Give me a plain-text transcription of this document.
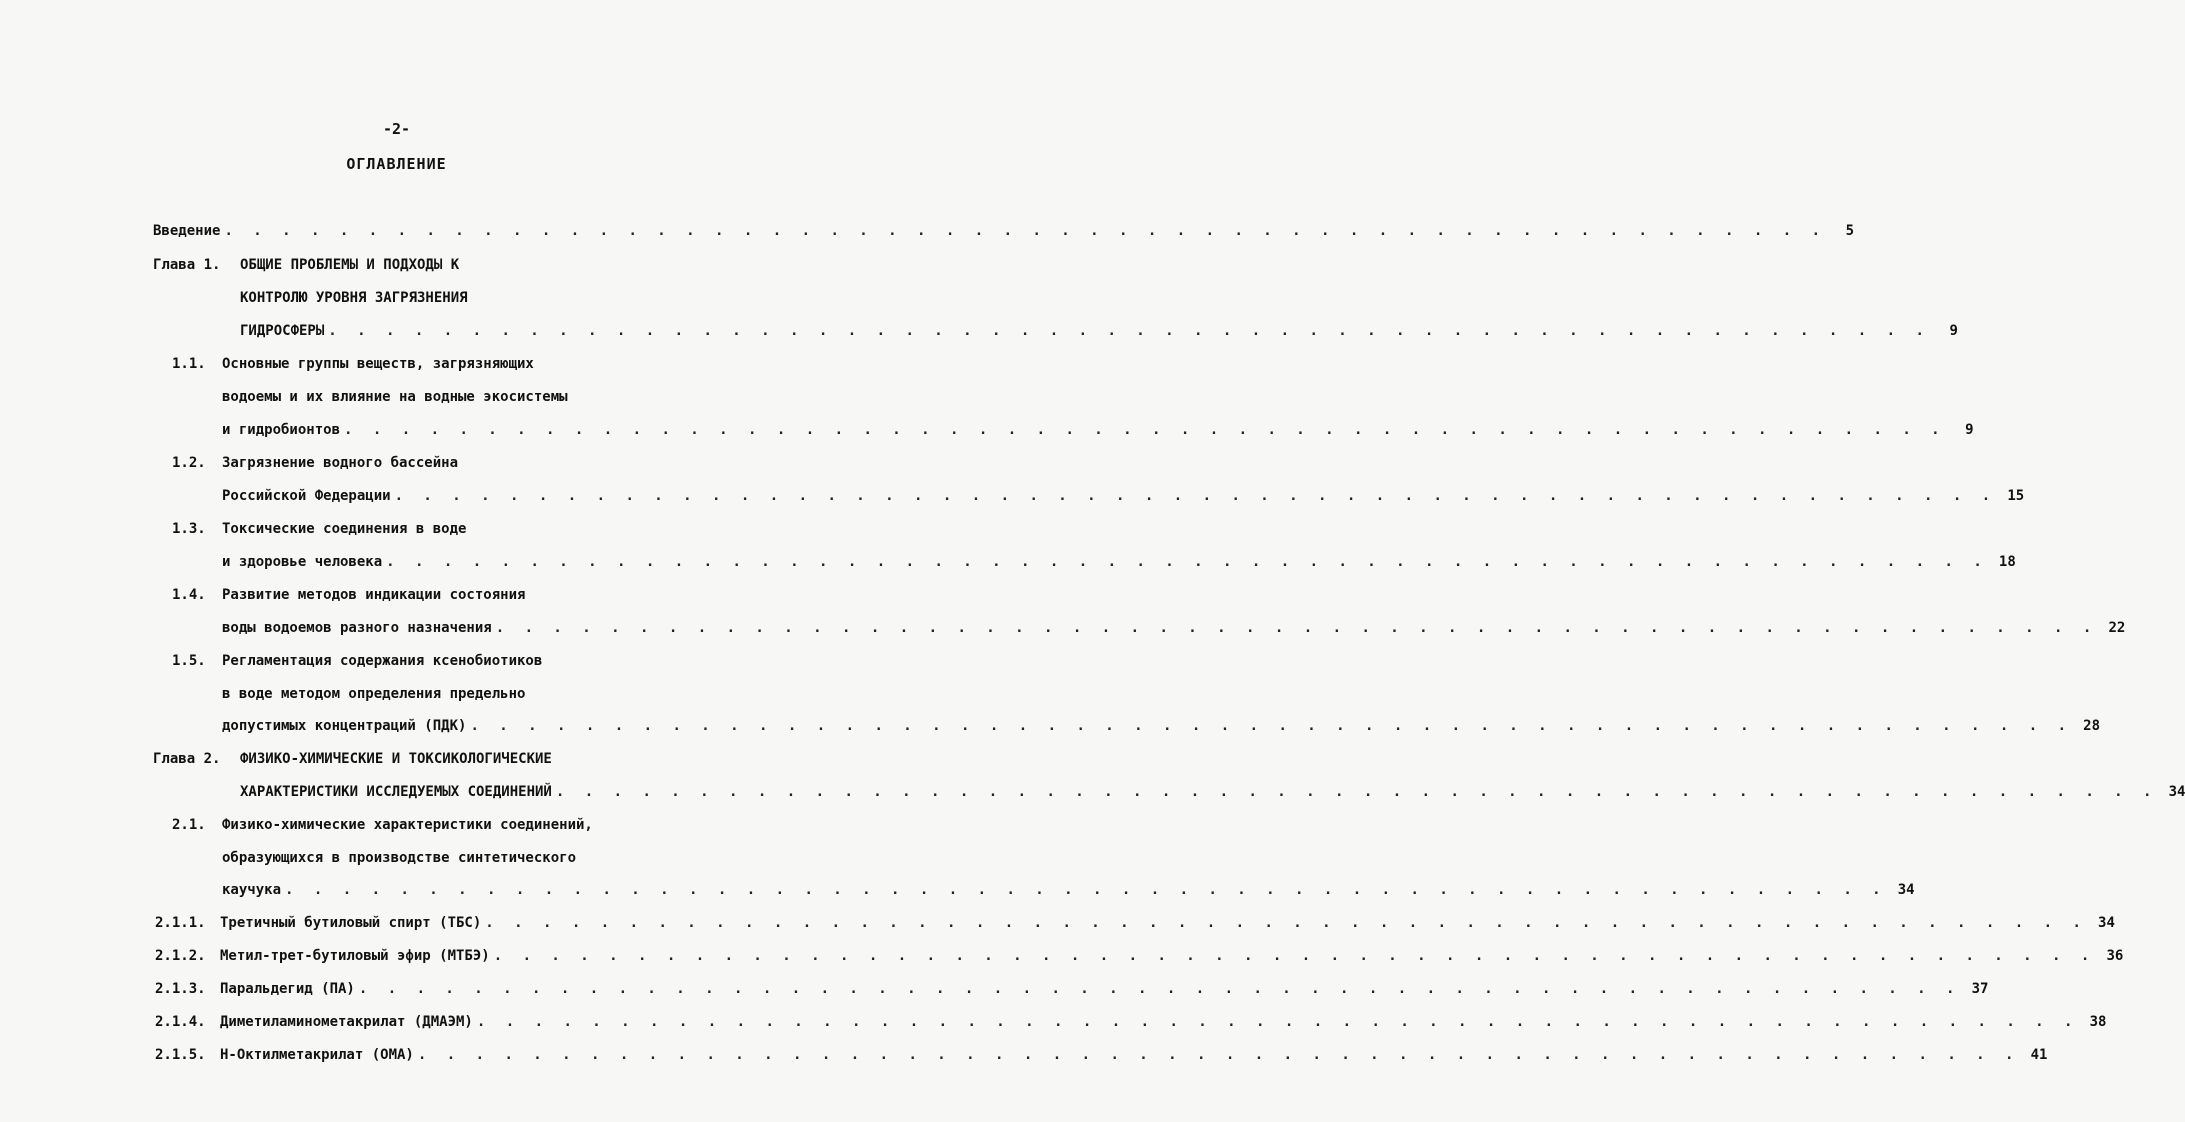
-2-
ОГЛАВЛЕНИЕ
Введение . . . . . . . . . . . . . . . . . . . . . . . . . . . . . . . . . . . . . . . . . . . . . . . . . . . . . . . .	5
Глава 1. ОБЩИЕ ПРОБЛЕМЫ И ПОДХОДЫ К
КОНТРОЛЮ УРОВНЯ ЗАГРЯЗНЕНИЯ
ГИДРОСФЕРЫ . . . . . . . . . . . . . . . . . . . . . . . . . . . . . . . . . . . . . . . . . . . . . . . . . . . . . . . .	9
1.1. Основные группы веществ, загрязняющих
водоемы и их влияние на водные экосистемы
и гидробионтов . . . . . . . . . . . . . . . . . . . . . . . . . . . . . . . . . . . . . . . . . . . . . . . . . . . . . . . .	9
1.2. Загрязнение водного бассейна
Российской Федерации . . . . . . . . . . . . . . . . . . . . . . . . . . . . . . . . . . . . . . . . . . . . . . . . . . . . . . . . 15
1.3. Токсические соединения в воде
и здоровье человека . . . . . . . . . . . . . . . . . . . . . . . . . . . . . . . . . . . . . . . . . . . . . . . . . . . . . . . . 18
1.4. Развитие методов индикации состояния
воды водоемов разного назначения . . . . . . . . . . . . . . . . . . . . . . . . . . . . . . . . . . . . . . . . . . . . . . . . . . . . . . . . 22
1.5. Регламентация содержания ксенобиотиков
в воде методом определения предельно
допустимых концентраций (ПДК) . . . . . . . . . . . . . . . . . . . . . . . . . . . . . . . . . . . . . . . . . . . . . . . . . . . . . . . . 28
Глава 2. ФИЗИКО-ХИМИЧЕСКИЕ И ТОКСИКОЛОГИЧЕСКИЕ
ХАРАКТЕРИСТИКИ ИССЛЕДУЕМЫХ СОЕДИНЕНИЙ . . . . . . . . . . . . . . . . . . . . . . . . . . . . . . . . . . . . . . . . . . . . . . . . . . . . . . . . 34
2.1. Физико-химические характеристики соединений,
образующихся в производстве синтетического
каучука . . . . . . . . . . . . . . . . . . . . . . . . . . . . . . . . . . . . . . . . . . . . . . . . . . . . . . . . 34
2.1.1. Третичный бутиловый спирт (ТБС) . . . . . . . . . . . . . . . . . . . . . . . . . . . . . . . . . . . . . . . . . . . . . . . . . . . . . . . . 34
2.1.2. Метил-трет-бутиловый эфир (МТБЭ) . . . . . . . . . . . . . . . . . . . . . . . . . . . . . . . . . . . . . . . . . . . . . . . . . . . . . . . . 36
2.1.3. Паральдегид (ПА) . . . . . . . . . . . . . . . . . . . . . . . . . . . . . . . . . . . . . . . . . . . . . . . . . . . . . . . . 37
2.1.4. Диметиламинометакрилат (ДМАЭМ) . . . . . . . . . . . . . . . . . . . . . . . . . . . . . . . . . . . . . . . . . . . . . . . . . . . . . . . . 38
2.1.5. Н-Октилметакрилат (ОМА) . . . . . . . . . . . . . . . . . . . . . . . . . . . . . . . . . . . . . . . . . . . . . . . . . . . . . . . . 41
